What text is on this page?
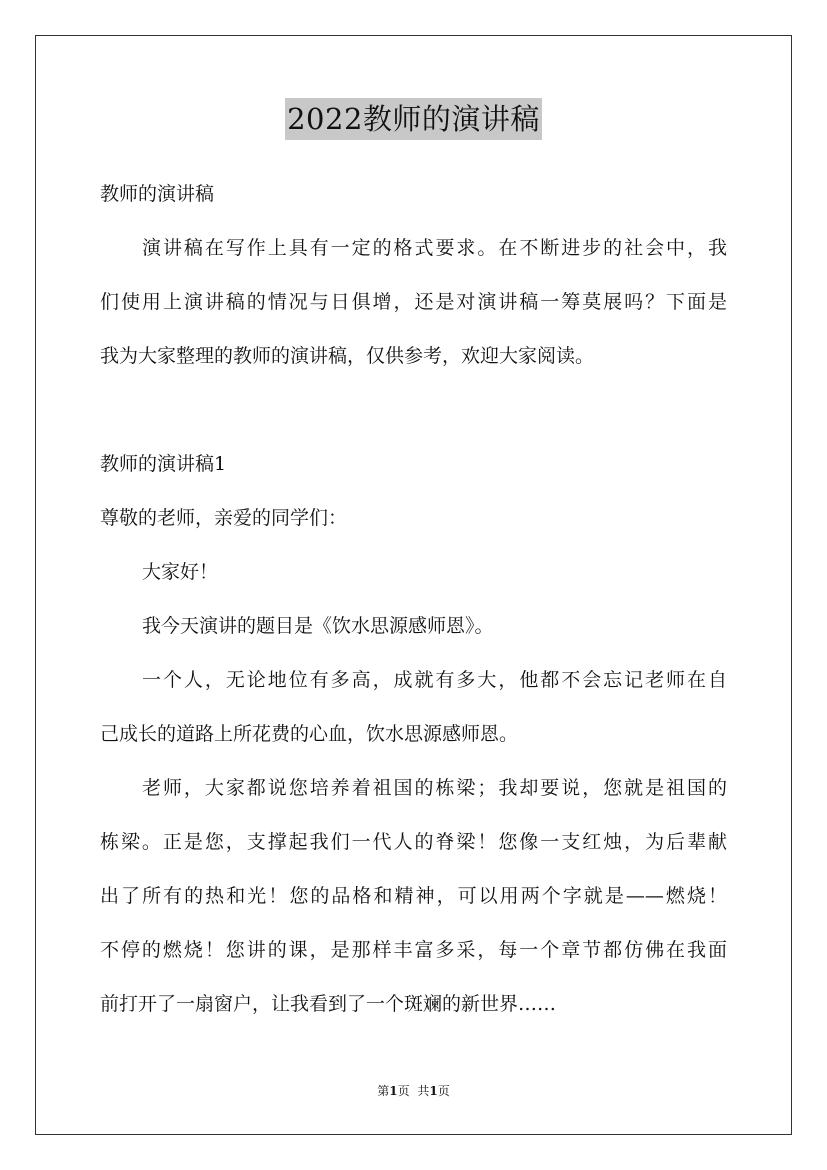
2022教师的演讲稿
教师的演讲稿
演讲稿在写作上具有一定的格式要求。在不断进步的社会中，我
们使用上演讲稿的情况与日俱增，还是对演讲稿一筹莫展吗？下面是
我为大家整理的教师的演讲稿，仅供参考，欢迎大家阅读。
教师的演讲稿1
尊敬的老师，亲爱的同学们：
大家好！
我今天演讲的题目是《饮水思源感师恩》。
一个人，无论地位有多高，成就有多大，他都不会忘记老师在自
己成长的道路上所花费的心血，饮水思源感师恩。
老师，大家都说您培养着祖国的栋梁；我却要说，您就是祖国的
栋梁。正是您，支撑起我们一代人的脊梁！您像一支红烛，为后辈献
出了所有的热和光！您的品格和精神，可以用两个字就是——燃烧！
不停的燃烧！您讲的课，是那样丰富多采，每一个章节都仿佛在我面
前打开了一扇窗户，让我看到了一个斑斓的新世界……
第1页 共1页
